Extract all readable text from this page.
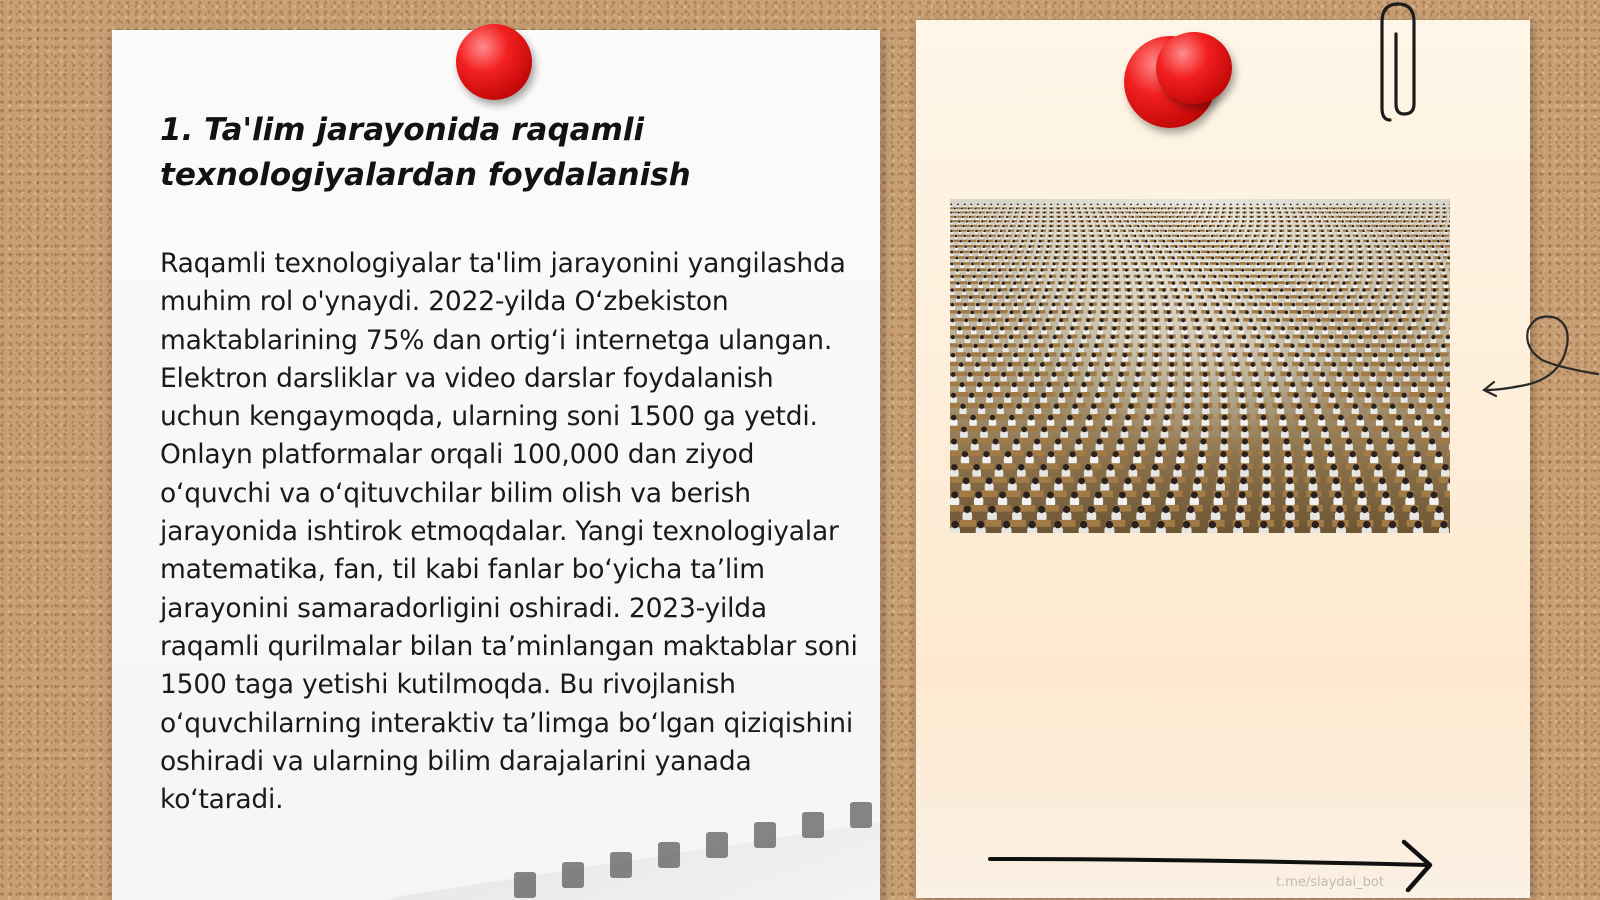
1. Ta'lim jarayonida raqamli texnologiyalardan foydalanish

Raqamli texnologiyalar ta'lim jarayonini yangilashda muhim rol o'ynaydi. 2022-yilda O‘zbekiston maktablarining 75% dan ortig‘i internetga ulangan. Elektron darsliklar va video darslar foydalanish uchun kengaymoqda, ularning soni 1500 ga yetdi. Onlayn platformalar orqali 100,000 dan ziyod o‘quvchi va o‘qituvchilar bilim olish va berish jarayonida ishtirok etmoqdalar. Yangi texnologiyalar matematika, fan, til kabi fanlar bo‘yicha ta’lim jarayonini samaradorligini oshiradi. 2023-yilda raqamli qurilmalar bilan ta’minlangan maktablar soni 1500 taga yetishi kutilmoqda. Bu rivojlanish o‘quvchilarning interaktiv ta’limga bo‘lgan qiziqishini oshiradi va ularning bilim darajalarini yanada ko‘taradi.

t.me/slaydai_bot
